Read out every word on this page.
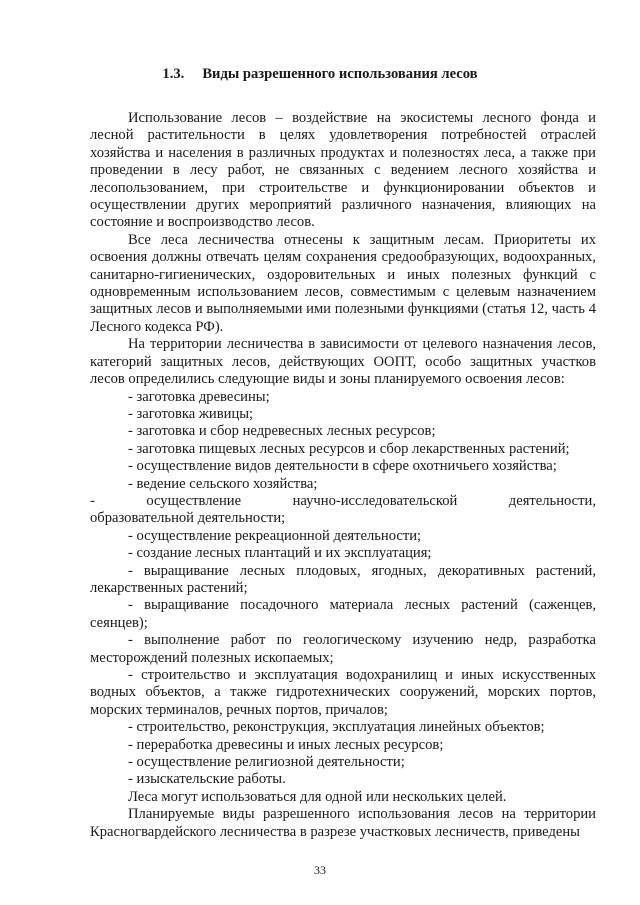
1.3. Виды разрешенного использования лесов

Использование лесов – воздействие на экосистемы лесного фонда и лесной растительности в целях удовлетворения потребностей отраслей хозяйства и населения в различных продуктах и полезностях леса, а также при проведении в лесу работ, не связанных с ведением лесного хозяйства и лесопользованием, при строительстве и функционировании объектов и осуществлении других мероприятий различного назначения, влияющих на состояние и воспроизводство лесов.

Все леса лесничества отнесены к защитным лесам. Приоритеты их освоения должны отвечать целям сохранения средообразующих, водоохранных, санитарно-гигиенических, оздоровительных и иных полезных функций с одновременным использованием лесов, совместимым с целевым назначением защитных лесов и выполняемыми ими полезными функциями (статья 12, часть 4 Лесного кодекса РФ).

На территории лесничества в зависимости от целевого назначения лесов, категорий защитных лесов, действующих ООПТ, особо защитных участков лесов определились следующие виды и зоны планируемого освоения лесов:

- заготовка древесины;

- заготовка живицы;

- заготовка и сбор недревесных лесных ресурсов;

- заготовка пищевых лесных ресурсов и сбор лекарственных растений;

- осуществление видов деятельности в сфере охотничьего хозяйства;

- ведение сельского хозяйства;

- осуществление научно-исследовательской деятельности,

образовательной деятельности;

- осуществление рекреационной деятельности;

- создание лесных плантаций и их эксплуатация;

- выращивание лесных плодовых, ягодных, декоративных растений, лекарственных растений;

- выращивание посадочного материала лесных растений (саженцев, сеянцев);

- выполнение работ по геологическому изучению недр, разработка месторождений полезных ископаемых;

- строительство и эксплуатация водохранилищ и иных искусственных водных объектов, а также гидротехнических сооружений, морских портов, морских терминалов, речных портов, причалов;

- строительство, реконструкция, эксплуатация линейных объектов;

- переработка древесины и иных лесных ресурсов;

- осуществление религиозной деятельности;

- изыскательские работы.

Леса могут использоваться для одной или нескольких целей.

Планируемые виды разрешенного использования лесов на территории Красногвардейского лесничества в разрезе участковых лесничеств, приведены

33
